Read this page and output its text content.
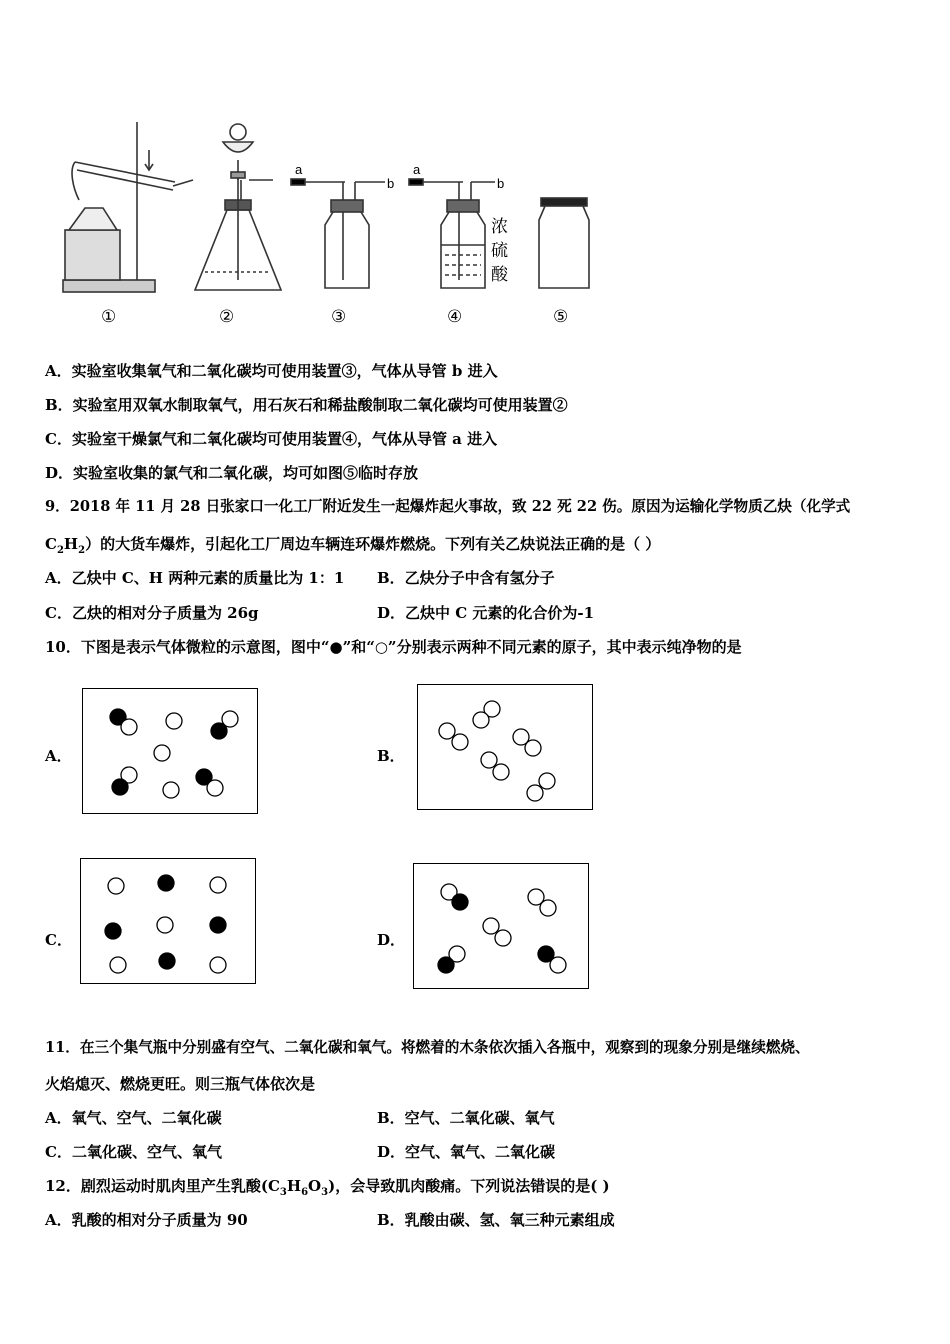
a
b
a
b
浓
硫
酸
①	②	③	④	⑤
A．实验室收集氧气和二氧化碳均可使用装置③，气体从导管 b 进入
B．实验室用双氧水制取氧气，用石灰石和稀盐酸制取二氧化碳均可使用装置②
C．实验室干燥氯气和二氧化碳均可使用装置④，气体从导管 a 进入
D．实验室收集的氯气和二氧化碳，均可如图⑤临时存放
9．2018 年 11 月 28 日张家口一化工厂附近发生一起爆炸起火事故，致 22 死 22 伤。原因为运输化学物质乙炔（化学式
$C_2H_2$）的大货车爆炸，引起化工厂周边车辆连环爆炸燃烧。下列有关乙炔说法正确的是（ ）
A．乙炔中 C、H 两种元素的质量比为 1：1 B．乙炔分子中含有氢分子
C．乙炔的相对分子质量为 26g	D．乙炔中 C 元素的化合价为-1
10．下图是表示气体微粒的示意图，图中“●”和“○”分别表示两种不同元素的原子，其中表示纯净物的是
A．	B．
C．	D．
11．在三个集气瓶中分别盛有空气、二氧化碳和氧气。将燃着的木条依次插入各瓶中，观察到的现象分别是继续燃烧、
火焰熄灭、燃烧更旺。则三瓶气体依次是
A．氧气、空气、二氧化碳	B．空气、二氧化碳、氧气
C．二氧化碳、空气、氧气	D．空气、氧气、二氧化碳
12．剧烈运动时肌肉里产生乳酸$(C_3H_6O_3)$，会导致肌肉酸痛。下列说法错误的是( )
A．乳酸的相对分子质量为 90	B．乳酸由碳、氢、氧三种元素组成
